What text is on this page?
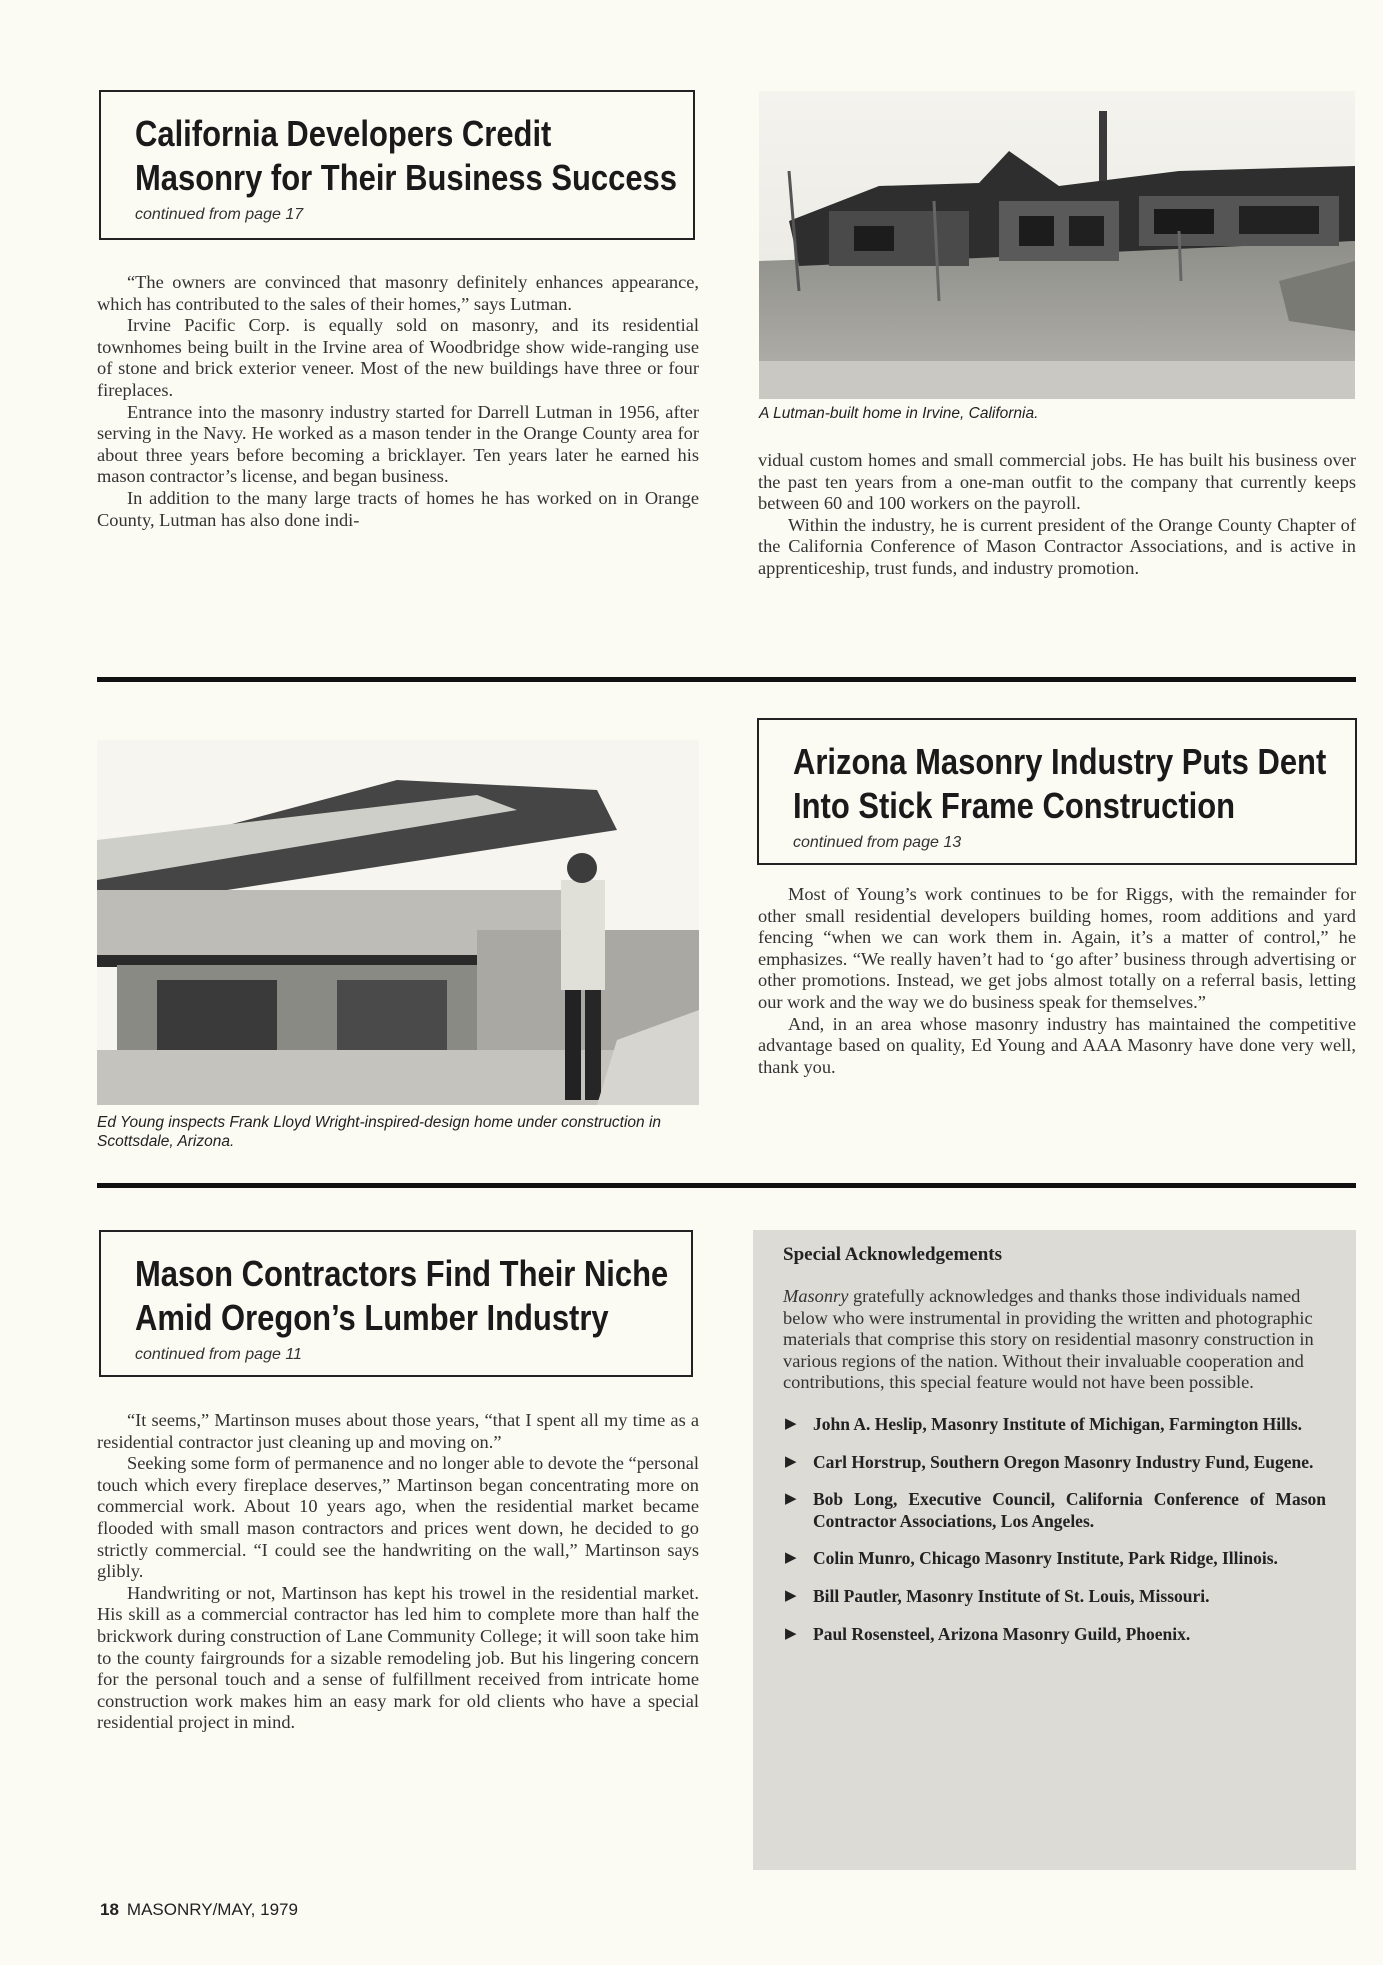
California Developers Credit
Masonry for Their Business Success
continued from page 17

“The owners are convinced that masonry definitely enhances appearance, which has contributed to the sales of their homes,” says Lutman.

Irvine Pacific Corp. is equally sold on masonry, and its residential townhomes being built in the Irvine area of Woodbridge show wide-ranging use of stone and brick exterior veneer. Most of the new buildings have three or four fireplaces.

Entrance into the masonry industry started for Darrell Lutman in 1956, after serving in the Navy. He worked as a mason tender in the Orange County area for about three years before becoming a bricklayer. Ten years later he earned his mason contractor’s license, and began business.

In addition to the many large tracts of homes he has worked on in Orange County, Lutman has also done indi-

A Lutman-built home in Irvine, California.

vidual custom homes and small commercial jobs. He has built his business over the past ten years from a one-man outfit to the company that currently keeps between 60 and 100 workers on the payroll.

Within the industry, he is current president of the Orange County Chapter of the California Conference of Mason Contractor Associations, and is active in apprenticeship, trust funds, and industry promotion.

Ed Young inspects Frank Lloyd Wright-inspired-design home under construction in Scottsdale, Arizona.
Arizona Masonry Industry Puts Dent
Into Stick Frame Construction
continued from page 13

Most of Young’s work continues to be for Riggs, with the remainder for other small residential developers building homes, room additions and yard fencing “when we can work them in. Again, it’s a matter of control,” he emphasizes. “We really haven’t had to ‘go after’ business through advertising or other promotions. Instead, we get jobs almost totally on a referral basis, letting our work and the way we do business speak for themselves.”

And, in an area whose masonry industry has maintained the competitive advantage based on quality, Ed Young and AAA Masonry have done very well, thank you.

Mason Contractors Find Their Niche
Amid Oregon’s Lumber Industry
continued from page 11

“It seems,” Martinson muses about those years, “that I spent all my time as a residential contractor just cleaning up and moving on.”

Seeking some form of permanence and no longer able to devote the “personal touch which every fireplace deserves,” Martinson began concentrating more on commercial work. About 10 years ago, when the residential market became flooded with small mason contractors and prices went down, he decided to go strictly commercial. “I could see the handwriting on the wall,” Martinson says glibly.

Handwriting or not, Martinson has kept his trowel in the residential market. His skill as a commercial contractor has led him to complete more than half the brickwork during construction of Lane Community College; it will soon take him to the county fairgrounds for a sizable remodeling job. But his lingering concern for the personal touch and a sense of fulfillment received from intricate home construction work makes him an easy mark for old clients who have a special residential project in mind.

Special Acknowledgements

Masonry gratefully acknowledges and thanks those individuals named below who were instrumental in providing the written and photographic materials that comprise this story on residential masonry construction in various regions of the nation. Without their invaluable cooperation and contributions, this special feature would not have been possible.

▶ John A. Heslip, Masonry Institute of Michigan, Farmington Hills.
▶ Carl Horstrup, Southern Oregon Masonry Industry Fund, Eugene.
▶ Bob Long, Executive Council, California Conference of Mason Contractor Associations, Los Angeles.
▶ Colin Munro, Chicago Masonry Institute, Park Ridge, Illinois.
▶ Bill Pautler, Masonry Institute of St. Louis, Missouri.
▶ Paul Rosensteel, Arizona Masonry Guild, Phoenix.
18 MASONRY/MAY, 1979
